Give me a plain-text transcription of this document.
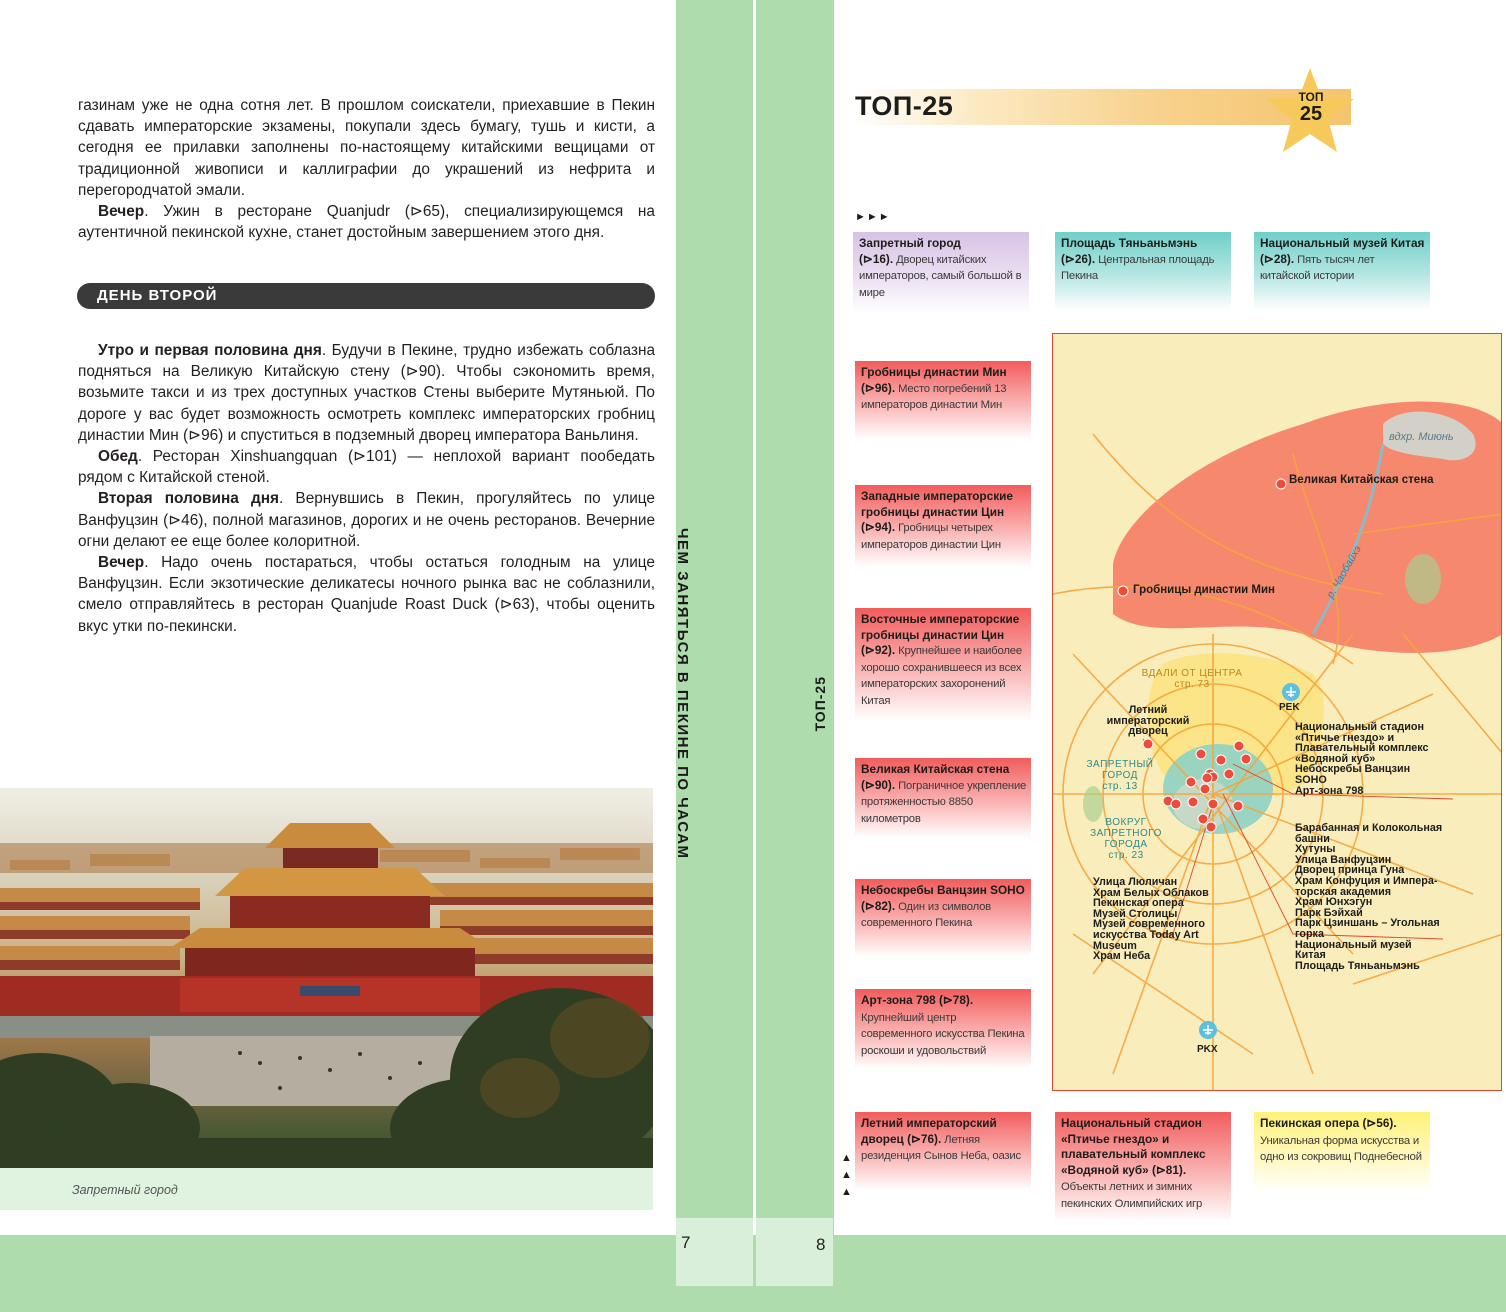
газинам уже не одна сотня лет. В прошлом соискатели, приехавшие в Пекин сдавать императорские экзамены, покупали здесь бумагу, тушь и кисти, а сегодня ее прилавки заполнены по-настоящему китайскими вещицами от традиционной живописи и каллиграфии до украшений из нефрита и перегородчатой эмали.

Вечер. Ужин в ресторане Quanjudr (⊳65), специализирующемся на аутентичной пекинской кухне, станет достойным завершением этого дня.

ДЕНЬ ВТОРОЙ

Утро и первая половина дня. Будучи в Пекине, трудно избежать соблазна подняться на Великую Китайскую стену (⊳90). Чтобы сэкономить время, возьмите такси и из трех доступных участков Стены выберите Мутяньюй. По дороге у вас будет возможность осмотреть комплекс императорских гробниц династии Мин (⊳96) и спуститься в подземный дворец императора Ваньлиня.

Обед. Ресторан Xinshuangquan (⊳101) — неплохой вариант пообедать рядом с Китайской стеной.

Вторая половина дня. Вернувшись в Пекин, прогуляйтесь по улице Ванфуцзин (⊳46), полной магазинов, дорогих и не очень ресторанов. Вечерние огни делают ее еще более колоритной.

Вечер. Надо очень постараться, чтобы остаться голодным на улице Ванфуцзин. Если экзотические деликатесы ночного рынка вас не соблазнили, смело отправляйтесь в ресторан Quanjude Roast Duck (⊳63), чтобы оценить вкус утки по-пекински.

Запретный город
ЧЕМ ЗАНЯТЬСЯ В ПЕКИНЕ ПО ЧАСАМ	ТОП-25
7	8
ТОП-25	ТОП
25
►►►
▲▲▲
Запретный город
(⊳16). Дворец китайских императоров, самый большой в мире
Площадь Тяньаньмэнь
(⊳26). Центральная площадь Пекина
Национальный музей Китая (⊳28). Пять тысяч лет китайской истории
Гробницы династии Мин
(⊳96). Место погребений 13 императоров династии Мин
Западные императорские гробницы династии Цин (⊳94). Гробницы четырех императоров династии Цин
Восточные императорские гробницы династии Цин (⊳92). Крупнейшее и наиболее хорошо сохранившееся из всех императорских захоронений Китая
Великая Китайская стена
(⊳90). Пограничное укрепление протяженностью 8850 километров
Небоскребы Ванцзин SOHO (⊳82). Один из символов современного Пекина
Арт-зона 798 (⊳78). Крупнейший центр современного искусства Пекина роскоши и удовольствий
Летний императорский дворец (⊳76). Летняя резиденция Сынов Неба, оазис
Национальный стадион «Птичье гнездо» и плавательный комплекс «Водяной куб» (⊳81). Объекты летних и зимних пекинских Олимпийских игр
Пекинская опера (⊳56). Уникальная форма искусства и одно из сокровищ Поднебесной
вдхр. Миюнь
Великая Китайская стена
Гробницы династии Мин	р. Чаобайхэ
ВДАЛИ ОТ ЦЕНТРА
стр. 73
ЗАПРЕТНЫЙ ГОРОД
стр. 13
ВОКРУГ ЗАПРЕТНОГО ГОРОДА
стр. 23
Летний
императорский
дворец
PEK
PKX
Национальный стадион
«Птичье гнездо» и
Плавательный комплекс
«Водяной куб»
Небоскребы Ванцзин
SOHO
Арт-зона 798
Барабанная и Колокольная
башни
Хутуны
Улица Ванфуцзин
Дворец принца Гуна
Храм Конфуция и Импера-
торская академия
Храм Юнхэгун
Парк Бэйхай
Парк Цзиншань – Угольная
горка
Национальный музей
Китая
Площадь Тяньаньмэнь
Улица Люличан
Храм Белых Облаков
Пекинская опера
Музей Столицы
Музей современного
искусства Today Art
Museum
Храм Неба
